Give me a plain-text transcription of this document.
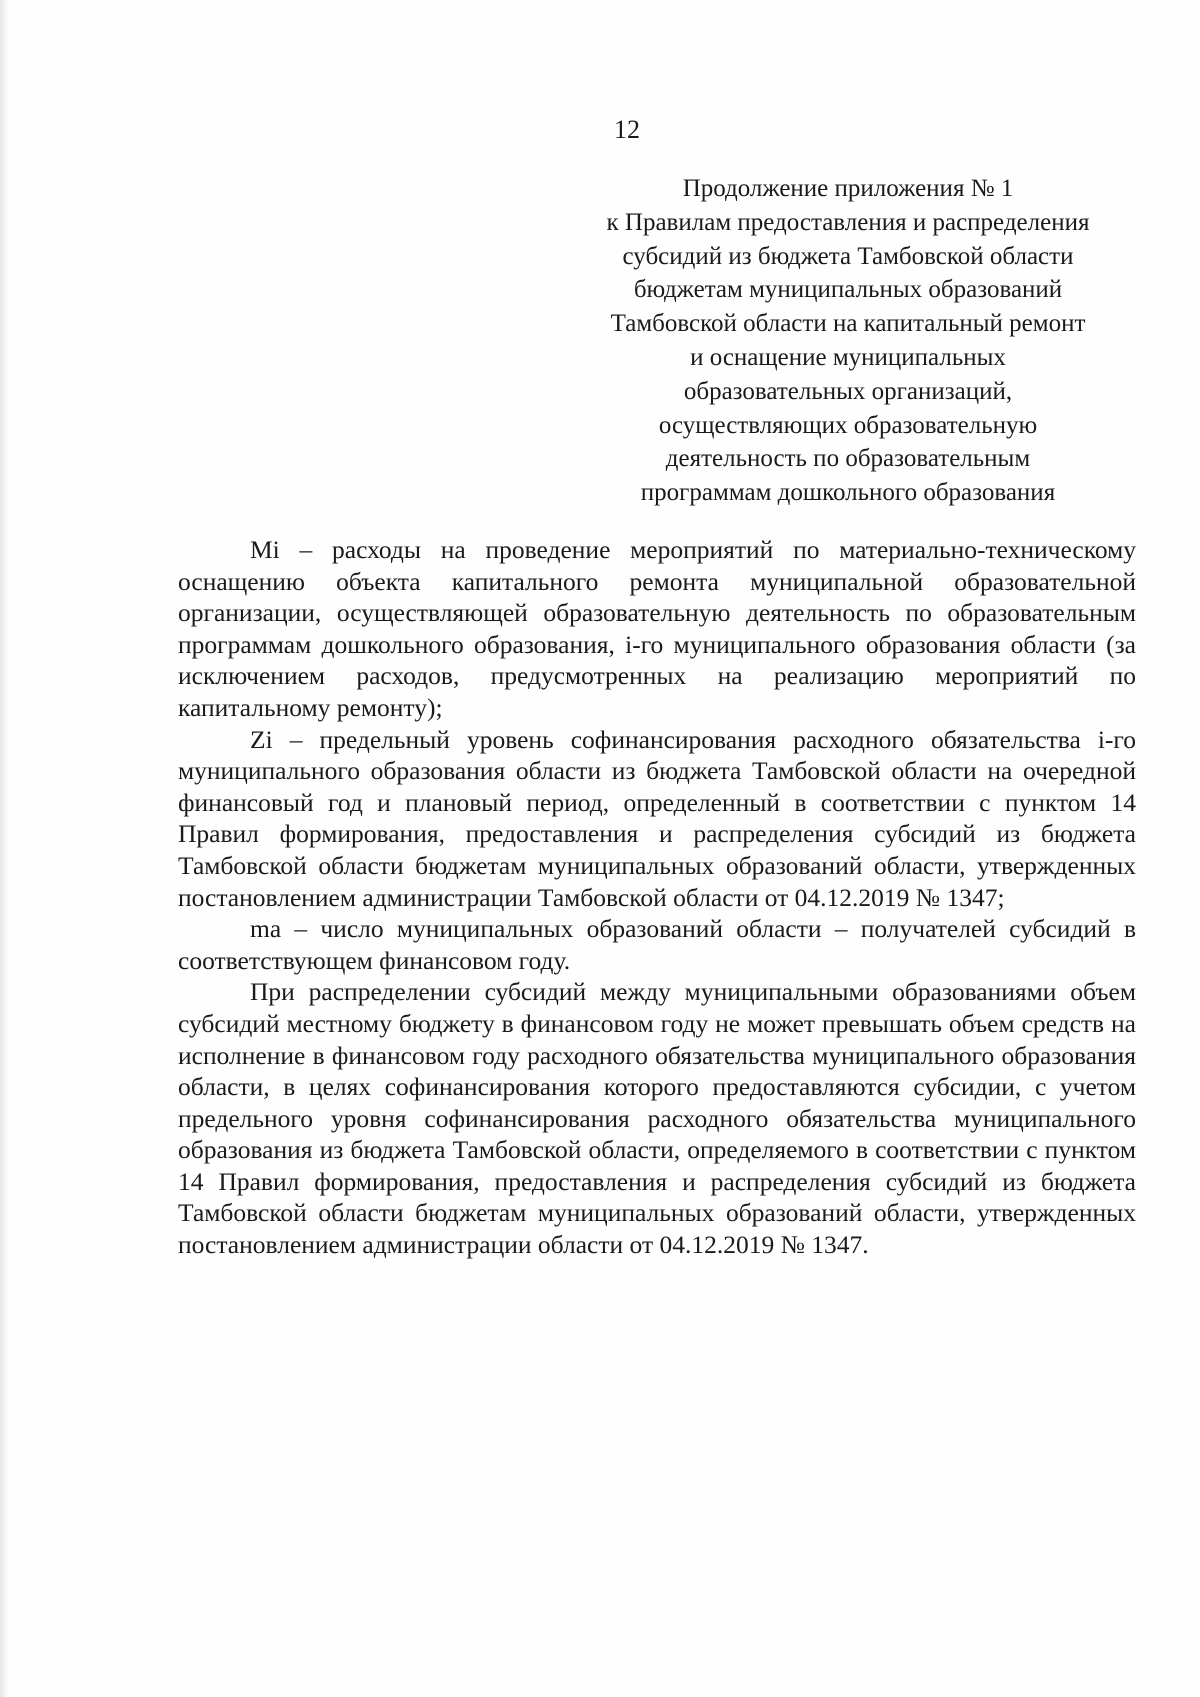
12
Продолжение приложения № 1
к Правилам предоставления и распределения
субсидий из бюджета Тамбовской области
бюджетам муниципальных образований
Тамбовской области на капитальный ремонт
и оснащение муниципальных
образовательных организаций,
осуществляющих образовательную
деятельность по образовательным
программам дошкольного образования

Mi – расходы на проведение мероприятий по материально-техническому оснащению объекта капитального ремонта муниципальной образовательной организации, осуществляющей образовательную деятельность по образовательным программам дошкольного образования, i-го муниципального образования области (за исключением расходов, предусмотренных на реализацию мероприятий по капитальному ремонту);

Zi – предельный уровень софинансирования расходного обязательства i-го муниципального образования области из бюджета Тамбовской области на очередной финансовый год и плановый период, определенный в соответствии с пунктом 14 Правил формирования, предоставления и распределения субсидий из бюджета Тамбовской области бюджетам муниципальных образований области, утвержденных постановлением администрации Тамбовской области от 04.12.2019 № 1347;

ma – число муниципальных образований области – получателей субсидий в соответствующем финансовом году.

При распределении субсидий между муниципальными образованиями объем субсидий местному бюджету в финансовом году не может превышать объем средств на исполнение в финансовом году расходного обязательства муниципального образования области, в целях софинансирования которого предоставляются субсидии, с учетом предельного уровня софинансирования расходного обязательства муниципального образования из бюджета Тамбовской области, определяемого в соответствии с пунктом 14 Правил формирования, предоставления и распределения субсидий из бюджета Тамбовской области бюджетам муниципальных образований области, утвержденных постановлением администрации области от 04.12.2019 № 1347.
